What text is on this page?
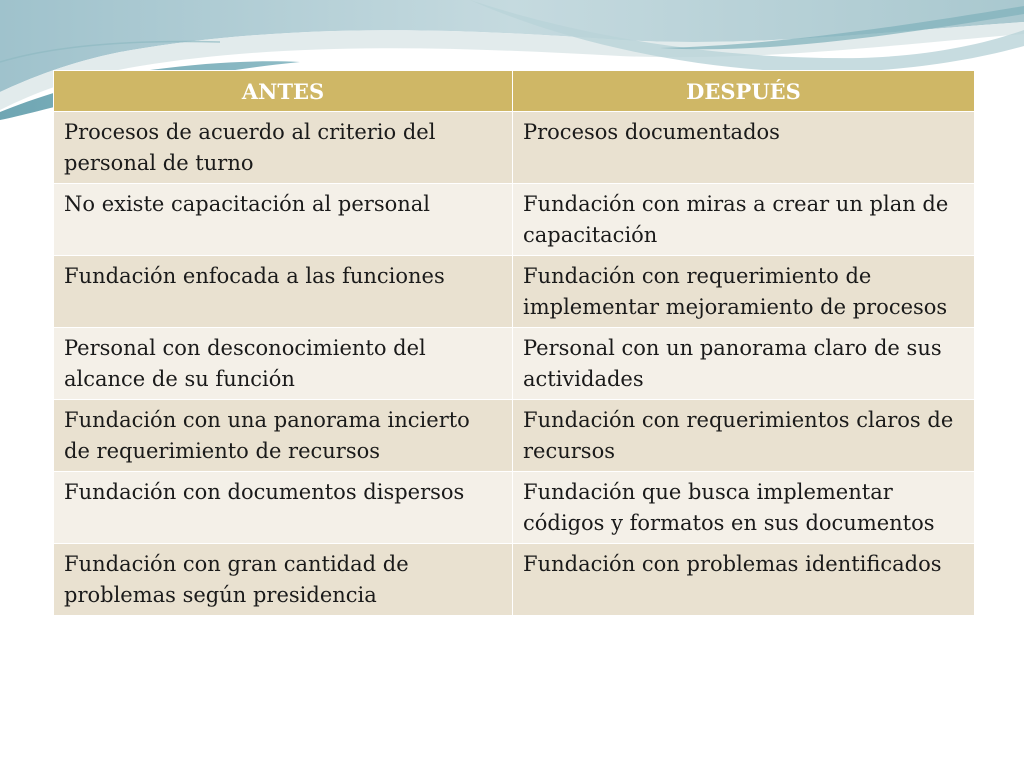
ANTES	DESPUÉS
Procesos de acuerdo al criterio del personal de turno	Procesos documentados
No existe capacitación al personal	Fundación con miras a crear un plan de capacitación
Fundación enfocada a las funciones	Fundación con requerimiento de implementar mejoramiento de procesos
Personal con desconocimiento del alcance de su función	Personal con un panorama claro de sus actividades
Fundación con una panorama incierto de requerimiento de recursos	Fundación con requerimientos claros de recursos
Fundación con documentos dispersos	Fundación que busca implementar códigos y formatos en sus documentos
Fundación con gran cantidad de problemas según presidencia	Fundación con problemas identificados
